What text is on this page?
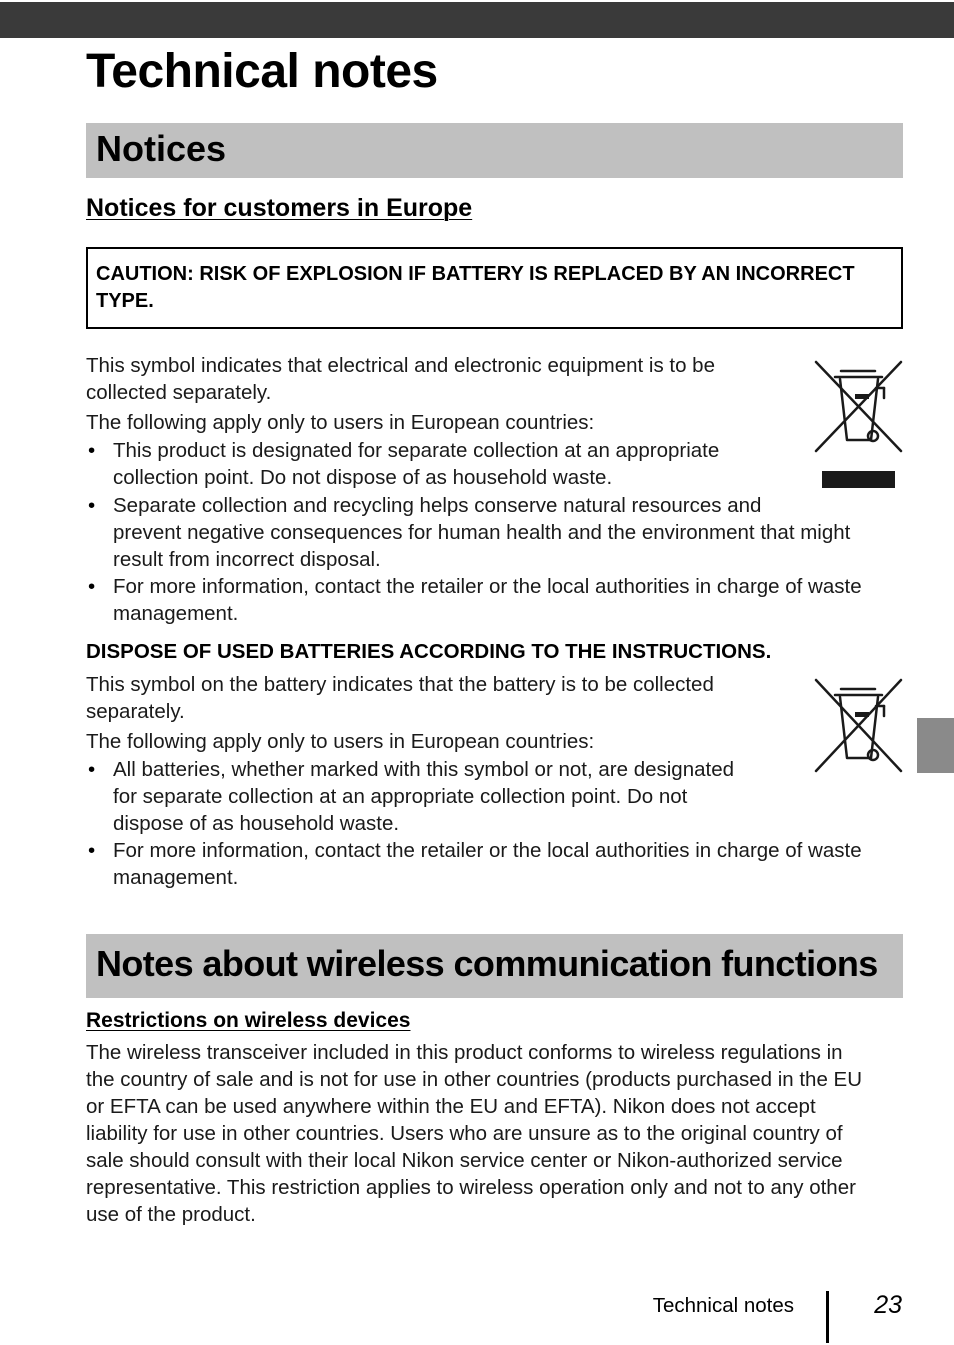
Technical notes
Notices
Notices for customers in Europe

CAUTION: RISK OF EXPLOSION IF BATTERY IS REPLACED BY AN INCORRECT TYPE.

This symbol indicates that electrical and electronic equipment is to be

collected separately.

The following apply only to users in European countries:

• This product is designated for separate collection at an appropriate

collection point. Do not dispose of as household waste.

• Separate collection and recycling helps conserve natural resources and

prevent negative consequences for human health and the environment that might

result from incorrect disposal.

• For more information, contact the retailer or the local authorities in charge of waste

management.

DISPOSE OF USED BATTERIES ACCORDING TO THE INSTRUCTIONS.

This symbol on the battery indicates that the battery is to be collected

separately.

The following apply only to users in European countries:

• All batteries, whether marked with this symbol or not, are designated

for separate collection at an appropriate collection point. Do not

dispose of as household waste.

• For more information, contact the retailer or the local authorities in charge of waste

management.

Notes about wireless communication functions
Restrictions on wireless devices

The wireless transceiver included in this product conforms to wireless regulations in

the country of sale and is not for use in other countries (products purchased in the EU

or EFTA can be used anywhere within the EU and EFTA). Nikon does not accept

liability for use in other countries. Users who are unsure as to the original country of

sale should consult with their local Nikon service center or Nikon-authorized service

representative. This restriction applies to wireless operation only and not to any other

use of the product.

Technical notes	23
